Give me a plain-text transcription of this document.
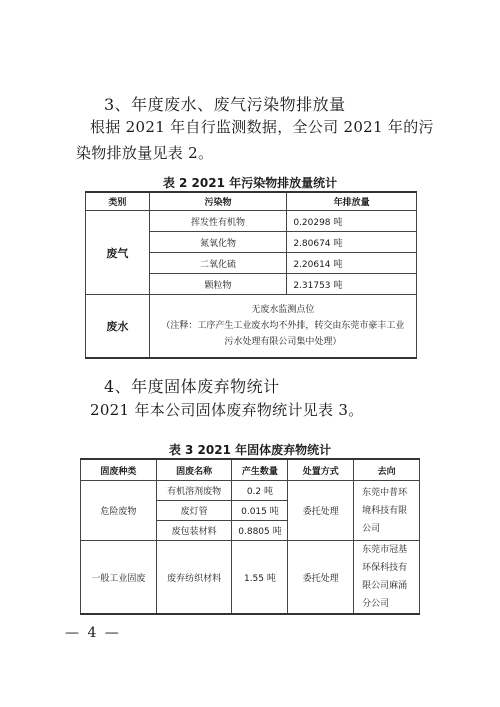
3、年度废水、废气污染物排放量
根据 2021 年自行监测数据，全公司 2021 年的污染物排放量见表 2。
表 2 2021 年污染物排放量统计
类别	污染物	年排放量
废气	挥发性有机物	0.20298 吨
	氮氧化物	2.80674 吨
	二氧化硫	2.20614 吨
	颗粒物	2.31753 吨
废水	无废水监测点位
（注释：工序产生工业废水均不外排，转交由东莞市豪丰工业污水处理有限公司集中处理）	
4、年度固体废弃物统计
2021 年本公司固体废弃物统计见表 3。
表 3 2021 年固体废弃物统计
固废种类	固废名称	产生数量	处置方式	去向
危险废物	有机溶剂废物	0.2 吨	委托处理	东莞中普环境科技有限公司
	废灯管	0.015 吨		
	废包装材料	0.8805 吨		
一般工业固废	废弃纺织材料	1.55 吨	委托处理	东莞市冠基环保科技有限公司麻涌分公司
— 4 —
